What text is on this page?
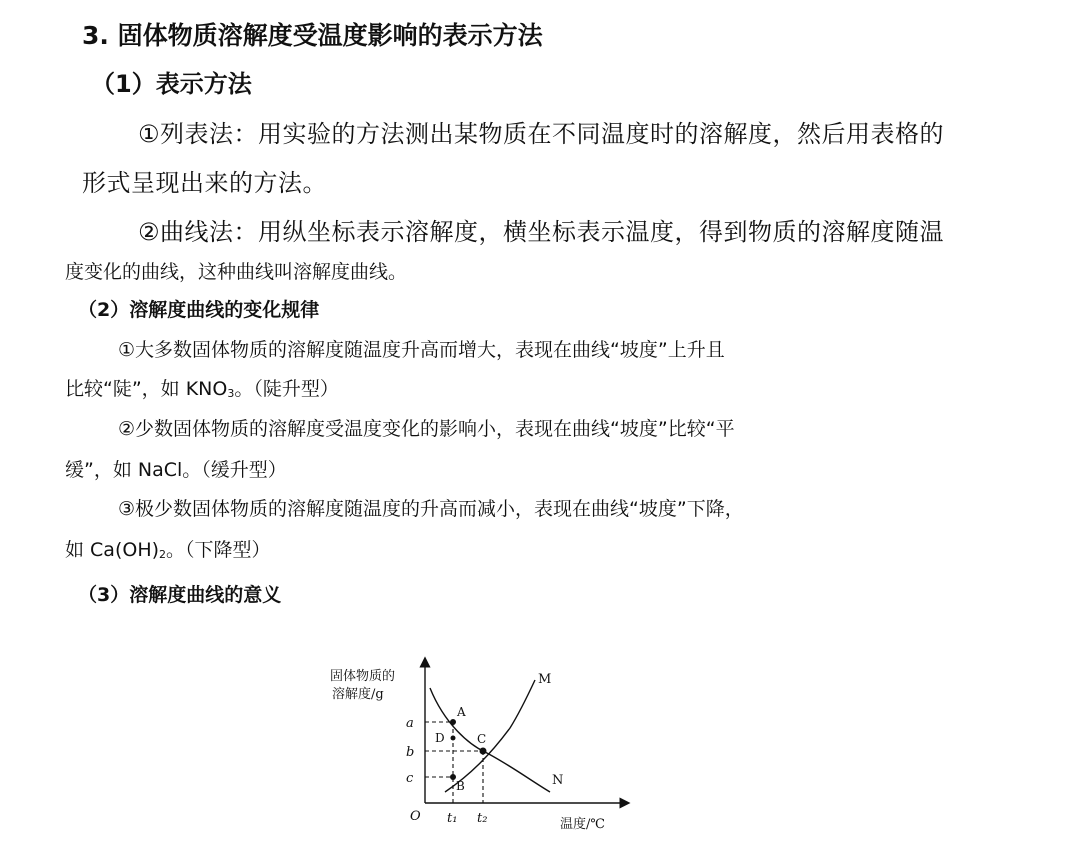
3. 固体物质溶解度受温度影响的表示方法
（1）表示方法
①列表法：用实验的方法测出某物质在不同温度时的溶解度，然后用表格的
形式呈现出来的方法。
②曲线法：用纵坐标表示溶解度，横坐标表示温度，得到物质的溶解度随温
度变化的曲线，这种曲线叫溶解度曲线。
（2）溶解度曲线的变化规律
①大多数固体物质的溶解度随温度升高而增大，表现在曲线“坡度”上升且
比较“陡”，如 $KNO_3$。（陡升型）
②少数固体物质的溶解度受温度变化的影响小，表现在曲线“坡度”比较“平
缓”，如 NaCl。（缓升型）
③极少数固体物质的溶解度随温度的升高而减小，表现在曲线“坡度”下降，
如 $Ca(OH)_2$。（下降型）
（3）溶解度曲线的意义
固体物质的
溶解度/g
a
b
c
O t₁ t₂	温度/℃
A
B
C
D
M
N
